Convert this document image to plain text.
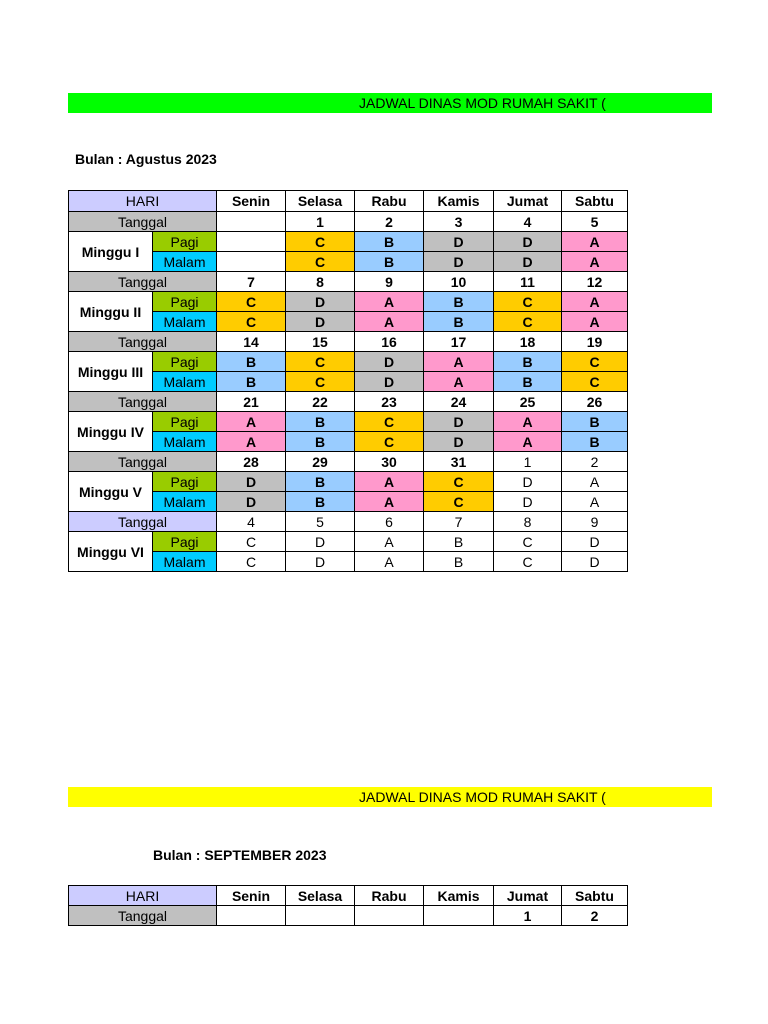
JADWAL DINAS MOD RUMAH SAKIT (
Bulan : Agustus 2023
HARI		Senin	Selasa	Rabu	Kamis	Jumat	Sabtu
Tanggal			1	2	3	4	5
Minggu I	Pagi		C	B	D	D	A
	Malam		C	B	D	D	A
Tanggal		7	8	9	10	11	12
Minggu II	Pagi	C	D	A	B	C	A
	Malam	C	D	A	B	C	A
Tanggal		14	15	16	17	18	19
Minggu III	Pagi	B	C	D	A	B	C
	Malam	B	C	D	A	B	C
Tanggal		21	22	23	24	25	26
Minggu IV	Pagi	A	B	C	D	A	B
	Malam	A	B	C	D	A	B
Tanggal		28	29	30	31	1	2
Minggu V	Pagi	D	B	A	C	D	A
	Malam	D	B	A	C	D	A
Tanggal		4	5	6	7	8	9
Minggu VI	Pagi	C	D	A	B	C	D
	Malam	C	D	A	B	C	D
JADWAL DINAS MOD RUMAH SAKIT (
Bulan : SEPTEMBER 2023
HARI	Senin	Selasa	Rabu	Kamis	Jumat	Sabtu
Tanggal					1	2
